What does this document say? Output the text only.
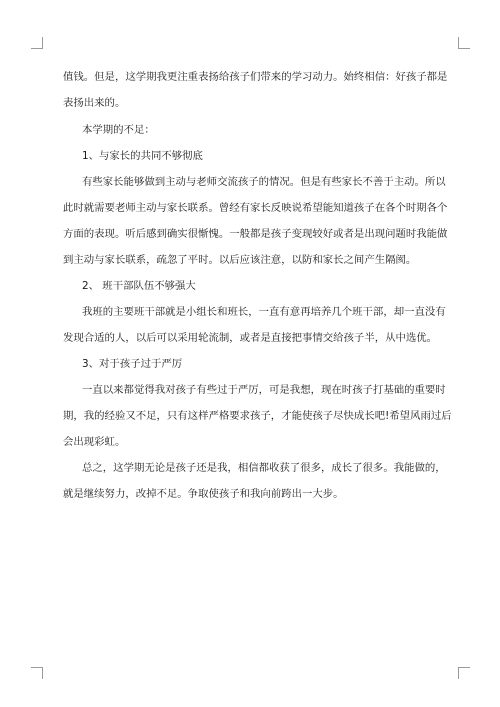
值钱。但是，这学期我更注重表扬给孩子们带来的学习动力。始终相信：好孩子都是
表扬出来的。
本学期的不足：
1、与家长的共同不够彻底
有些家长能够做到主动与老师交流孩子的情况。但是有些家长不善于主动。所以
此时就需要老师主动与家长联系。曾经有家长反映说希望能知道孩子在各个时期各个
方面的表现。听后感到确实很惭愧。一般都是孩子变现较好或者是出现问题时我能做
到主动与家长联系，疏忽了平时。以后应该注意，以防和家长之间产生隔阂。
2、 班干部队伍不够强大
我班的主要班干部就是小组长和班长，一直有意再培养几个班干部，却一直没有
发现合适的人，以后可以采用轮流制，或者是直接把事情交给孩子半，从中选优。
3、对于孩子过于严厉
一直以来都觉得我对孩子有些过于严厉，可是我想，现在时孩子打基础的重要时
期，我的经验又不足，只有这样严格要求孩子，才能使孩子尽快成长吧!希望风雨过后
会出现彩虹。
总之，这学期无论是孩子还是我，相信都收获了很多，成长了很多。我能做的，
就是继续努力，改掉不足。争取使孩子和我向前跨出一大步。
